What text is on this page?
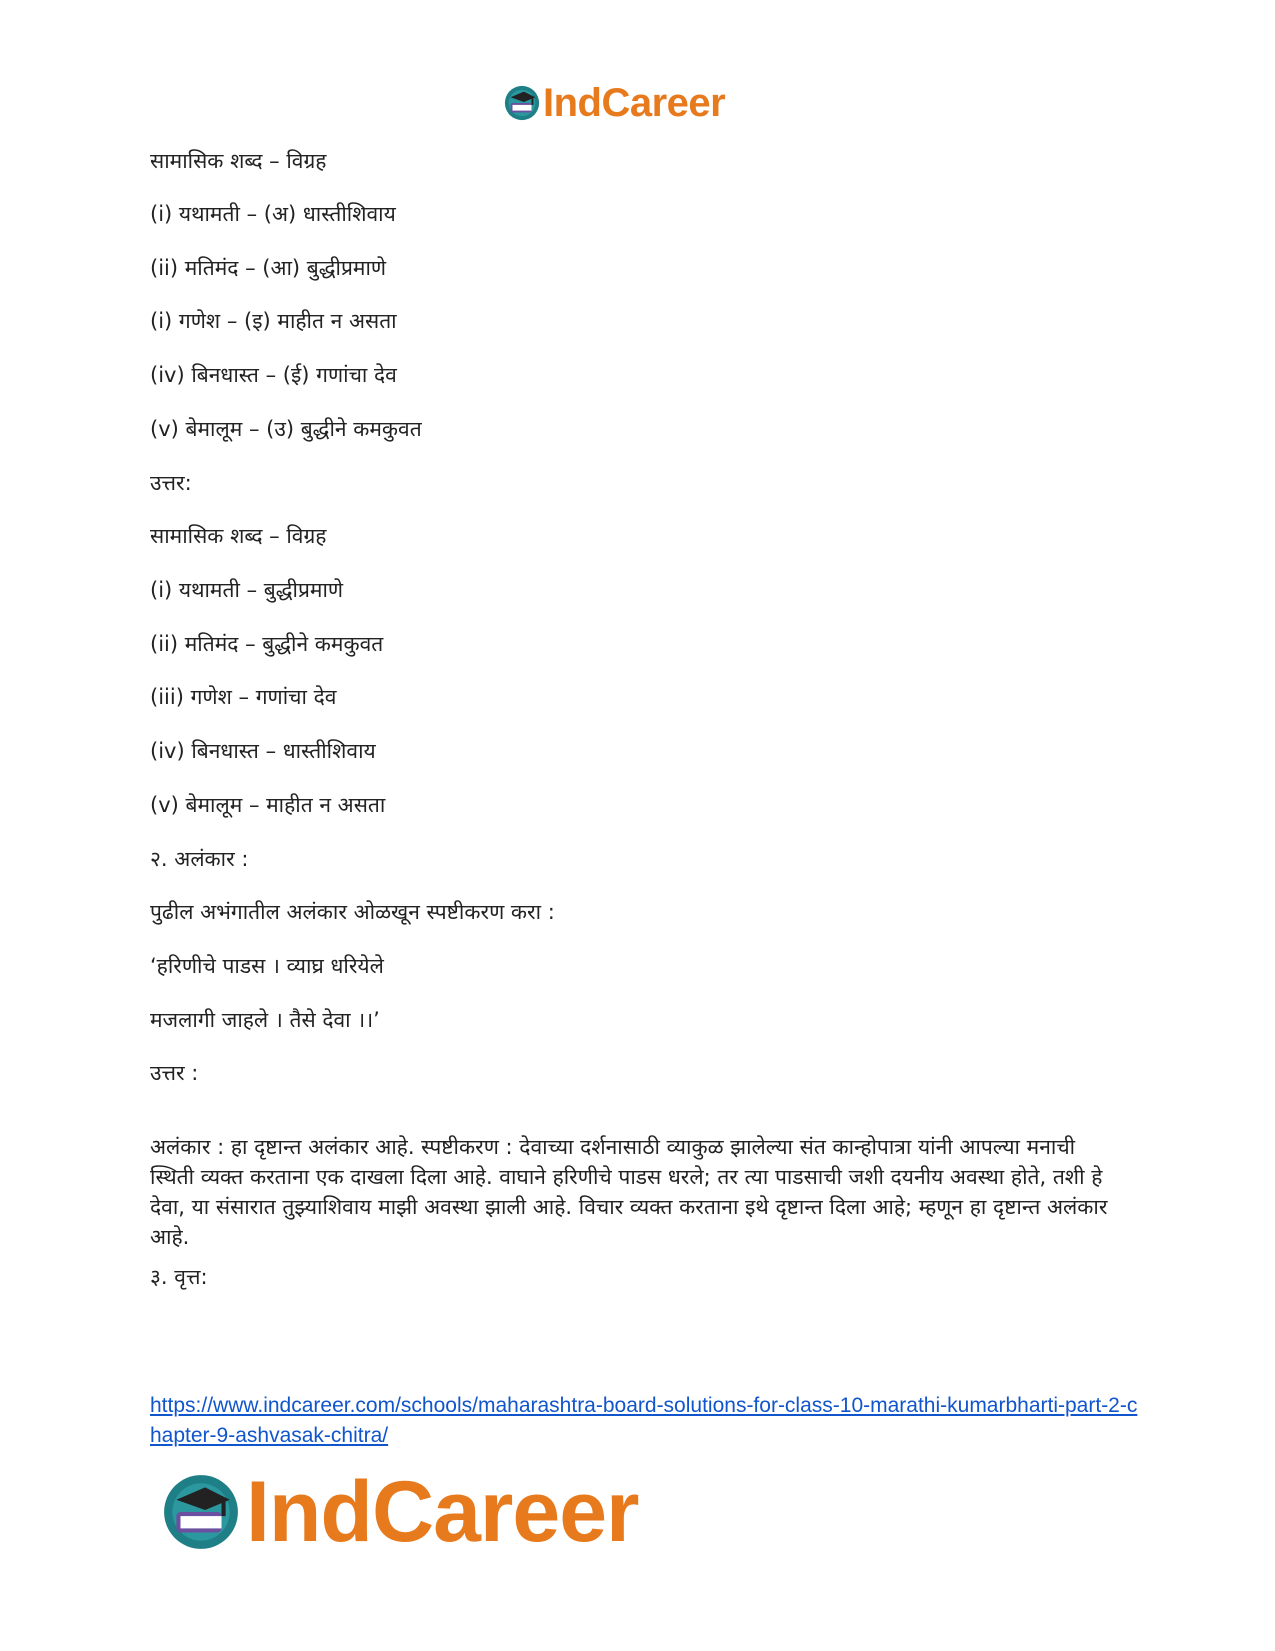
IndCareer
सामासिक शब्द – विग्रह
(i) यथामती – (अ) धास्तीशिवाय
(ii) मतिमंद – (आ) बुद्धीप्रमाणे
(i) गणेश – (इ) माहीत न असता
(iv) बिनधास्त – (ई) गणांचा देव
(v) बेमालूम – (उ) बुद्धीने कमकुवत
उत्तर:
सामासिक शब्द – विग्रह
(i) यथामती – बुद्धीप्रमाणे
(ii) मतिमंद – बुद्धीने कमकुवत
(iii) गणेश – गणांचा देव
(iv) बिनधास्त – धास्तीशिवाय
(v) बेमालूम – माहीत न असता
२. अलंकार :
पुढील अभंगातील अलंकार ओळखून स्पष्टीकरण करा :
‘हरिणीचे पाडस । व्याघ्र धरियेले
मजलागी जाहले । तैसे देवा ।।’
उत्तर :
अलंकार : हा दृष्टान्त अलंकार आहे. स्पष्टीकरण : देवाच्या दर्शनासाठी व्याकुळ झालेल्या संत कान्होपात्रा यांनी आपल्या मनाची स्थिती व्यक्त करताना एक दाखला दिला आहे. वाघाने हरिणीचे पाडस धरले; तर त्या पाडसाची जशी दयनीय अवस्था होते, तशी हे देवा, या संसारात तुझ्याशिवाय माझी अवस्था झाली आहे. विचार व्यक्त करताना इथे दृष्टान्त दिला आहे; म्हणून हा दृष्टान्त अलंकार आहे.
३. वृत्त:
https://www.indcareer.com/schools/maharashtra-board-solutions-for-class-10-marathi-kumarbharti-part-2-chapter-9-ashvasak-chitra/
IndCareer
